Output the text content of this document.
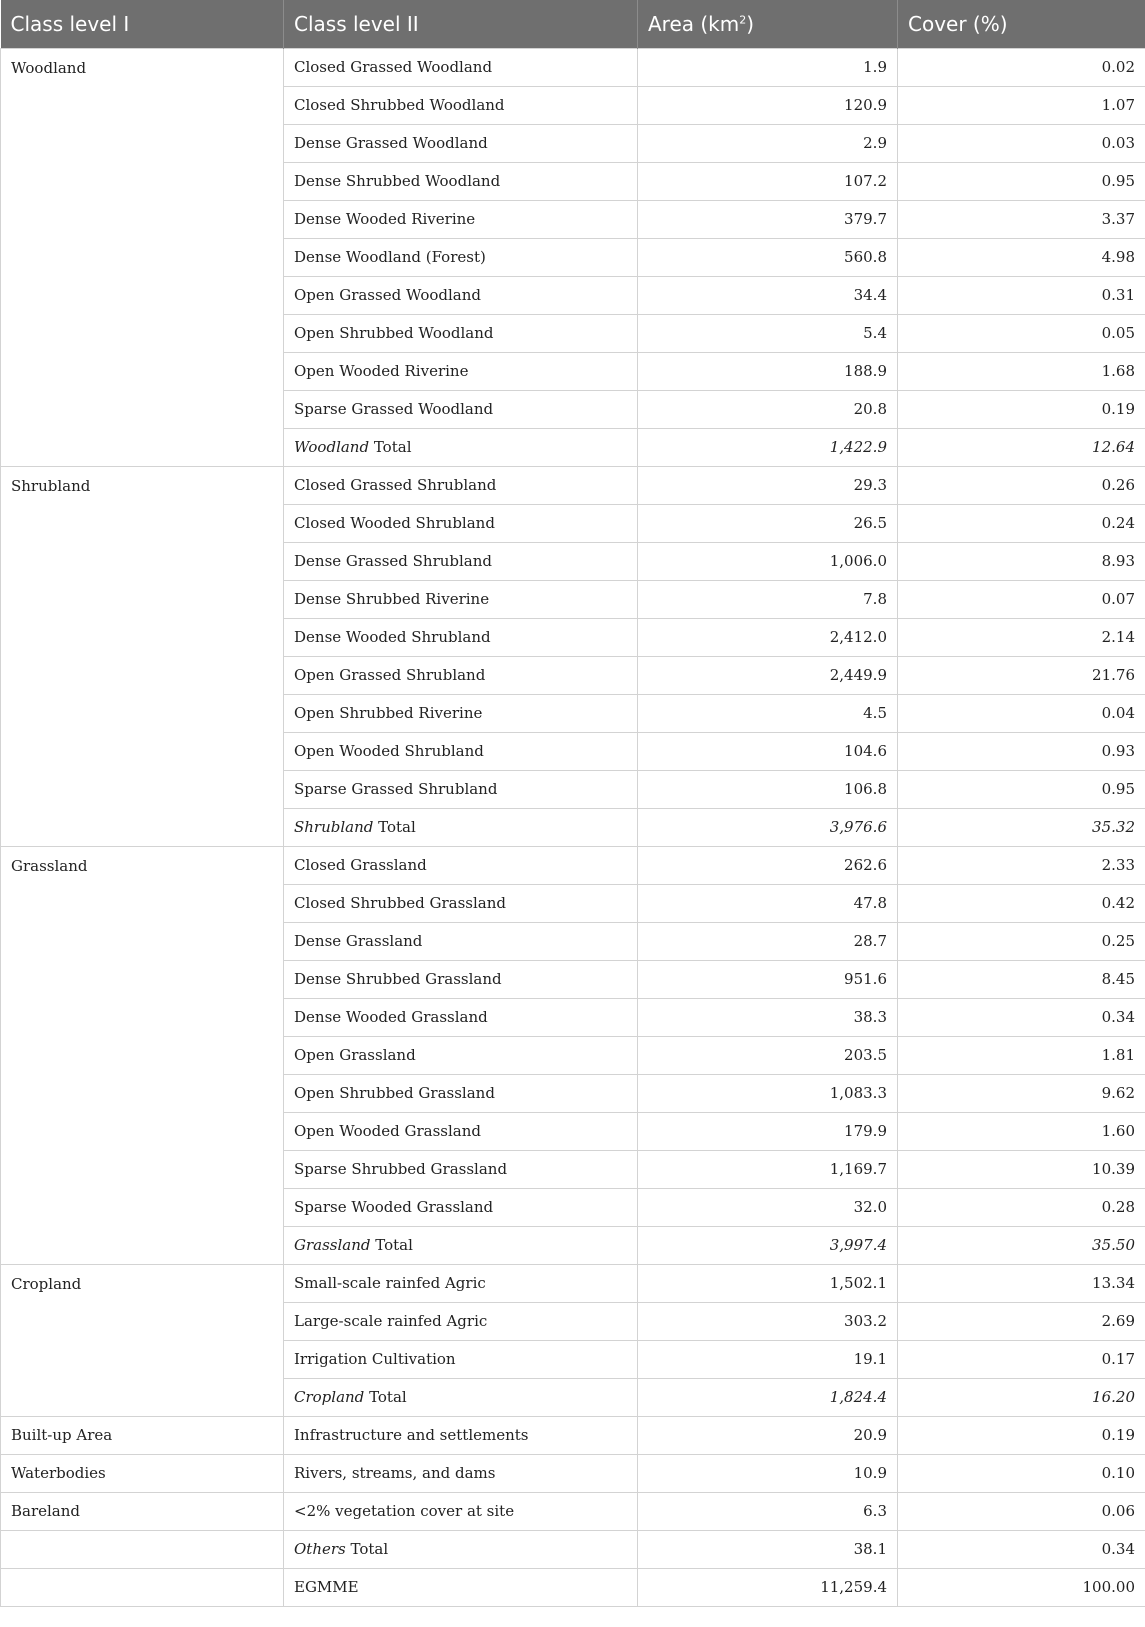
Class level I	Class level II	Area $(km^2)$	Cover (%)
Woodland	Closed Grassed Woodland	1.9	0.02
	Closed Shrubbed Woodland	120.9	1.07
	Dense Grassed Woodland	2.9	0.03
	Dense Shrubbed Woodland	107.2	0.95
	Dense Wooded Riverine	379.7	3.37
	Dense Woodland (Forest)	560.8	4.98
	Open Grassed Woodland	34.4	0.31
	Open Shrubbed Woodland	5.4	0.05
	Open Wooded Riverine	188.9	1.68
	Sparse Grassed Woodland	20.8	0.19
	Woodland Total	1,422.9	12.64
Shrubland	Closed Grassed Shrubland	29.3	0.26
	Closed Wooded Shrubland	26.5	0.24
	Dense Grassed Shrubland	1,006.0	8.93
	Dense Shrubbed Riverine	7.8	0.07
	Dense Wooded Shrubland	2,412.0	2.14
	Open Grassed Shrubland	2,449.9	21.76
	Open Shrubbed Riverine	4.5	0.04
	Open Wooded Shrubland	104.6	0.93
	Sparse Grassed Shrubland	106.8	0.95
	Shrubland Total	3,976.6	35.32
Grassland	Closed Grassland	262.6	2.33
	Closed Shrubbed Grassland	47.8	0.42
	Dense Grassland	28.7	0.25
	Dense Shrubbed Grassland	951.6	8.45
	Dense Wooded Grassland	38.3	0.34
	Open Grassland	203.5	1.81
	Open Shrubbed Grassland	1,083.3	9.62
	Open Wooded Grassland	179.9	1.60
	Sparse Shrubbed Grassland	1,169.7	10.39
	Sparse Wooded Grassland	32.0	0.28
	Grassland Total	3,997.4	35.50
Cropland	Small-scale rainfed Agric	1,502.1	13.34
	Large-scale rainfed Agric	303.2	2.69
	Irrigation Cultivation	19.1	0.17
	Cropland Total	1,824.4	16.20
Built-up Area	Infrastructure and settlements	20.9	0.19
Waterbodies	Rivers, streams, and dams	10.9	0.10
Bareland	<2% vegetation cover at site	6.3	0.06
	Others Total	38.1	0.34
	EGMME	11,259.4	100.00
